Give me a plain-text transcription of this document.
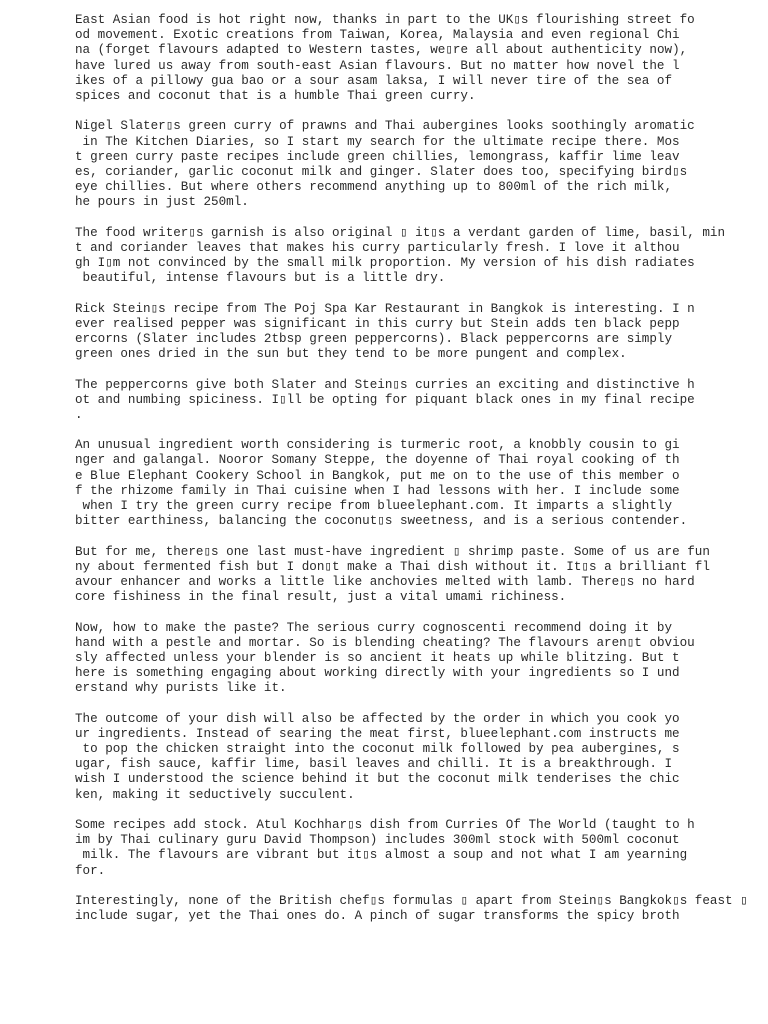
East Asian food is hot right now, thanks in part to the UK▯s flourishing street fo
od movement. Exotic creations from Taiwan, Korea, Malaysia and even regional Chi
na (forget flavours adapted to Western tastes, we▯re all about authenticity now),
have lured us away from south-east Asian flavours. But no matter how novel the l
ikes of a pillowy gua bao or a sour asam laksa, I will never tire of the sea of
spices and coconut that is a humble Thai green curry.
Nigel Slater▯s green curry of prawns and Thai aubergines looks soothingly aromatic
in The Kitchen Diaries, so I start my search for the ultimate recipe there. Mos
t green curry paste recipes include green chillies, lemongrass, kaffir lime leav
es, coriander, garlic coconut milk and ginger. Slater does too, specifying bird▯s
eye chillies. But where others recommend anything up to 800ml of the rich milk,
he pours in just 250ml.
The food writer▯s garnish is also original ▯ it▯s a verdant garden of lime, basil, min
t and coriander leaves that makes his curry particularly fresh. I love it althou
gh I▯m not convinced by the small milk proportion. My version of his dish radiates
beautiful, intense flavours but is a little dry.
Rick Stein▯s recipe from The Poj Spa Kar Restaurant in Bangkok is interesting. I n
ever realised pepper was significant in this curry but Stein adds ten black pepp
ercorns (Slater includes 2tbsp green peppercorns). Black peppercorns are simply
green ones dried in the sun but they tend to be more pungent and complex.
The peppercorns give both Slater and Stein▯s curries an exciting and distinctive h
ot and numbing spiciness. I▯ll be opting for piquant black ones in my final recipe
.
An unusual ingredient worth considering is turmeric root, a knobbly cousin to gi
nger and galangal. Nooror Somany Steppe, the doyenne of Thai royal cooking of th
e Blue Elephant Cookery School in Bangkok, put me on to the use of this member o
f the rhizome family in Thai cuisine when I had lessons with her. I include some
when I try the green curry recipe from blueelephant.com. It imparts a slightly
bitter earthiness, balancing the coconut▯s sweetness, and is a serious contender.
But for me, there▯s one last must-have ingredient ▯ shrimp paste. Some of us are fun
ny about fermented fish but I don▯t make a Thai dish without it. It▯s a brilliant fl
avour enhancer and works a little like anchovies melted with lamb. There▯s no hard
core fishiness in the final result, just a vital umami richiness.
Now, how to make the paste? The serious curry cognoscenti recommend doing it by
hand with a pestle and mortar. So is blending cheating? The flavours aren▯t obviou
sly affected unless your blender is so ancient it heats up while blitzing. But t
here is something engaging about working directly with your ingredients so I und
erstand why purists like it.
The outcome of your dish will also be affected by the order in which you cook yo
ur ingredients. Instead of searing the meat first, blueelephant.com instructs me
to pop the chicken straight into the coconut milk followed by pea aubergines, s
ugar, fish sauce, kaffir lime, basil leaves and chilli. It is a breakthrough. I
wish I understood the science behind it but the coconut milk tenderises the chic
ken, making it seductively succulent.
Some recipes add stock. Atul Kochhar▯s dish from Curries Of The World (taught to h
im by Thai culinary guru David Thompson) includes 300ml stock with 500ml coconut
milk. The flavours are vibrant but it▯s almost a soup and not what I am yearning
for.
Interestingly, none of the British chef▯s formulas ▯ apart from Stein▯s Bangkok▯s feast ▯
include sugar, yet the Thai ones do. A pinch of sugar transforms the spicy broth
